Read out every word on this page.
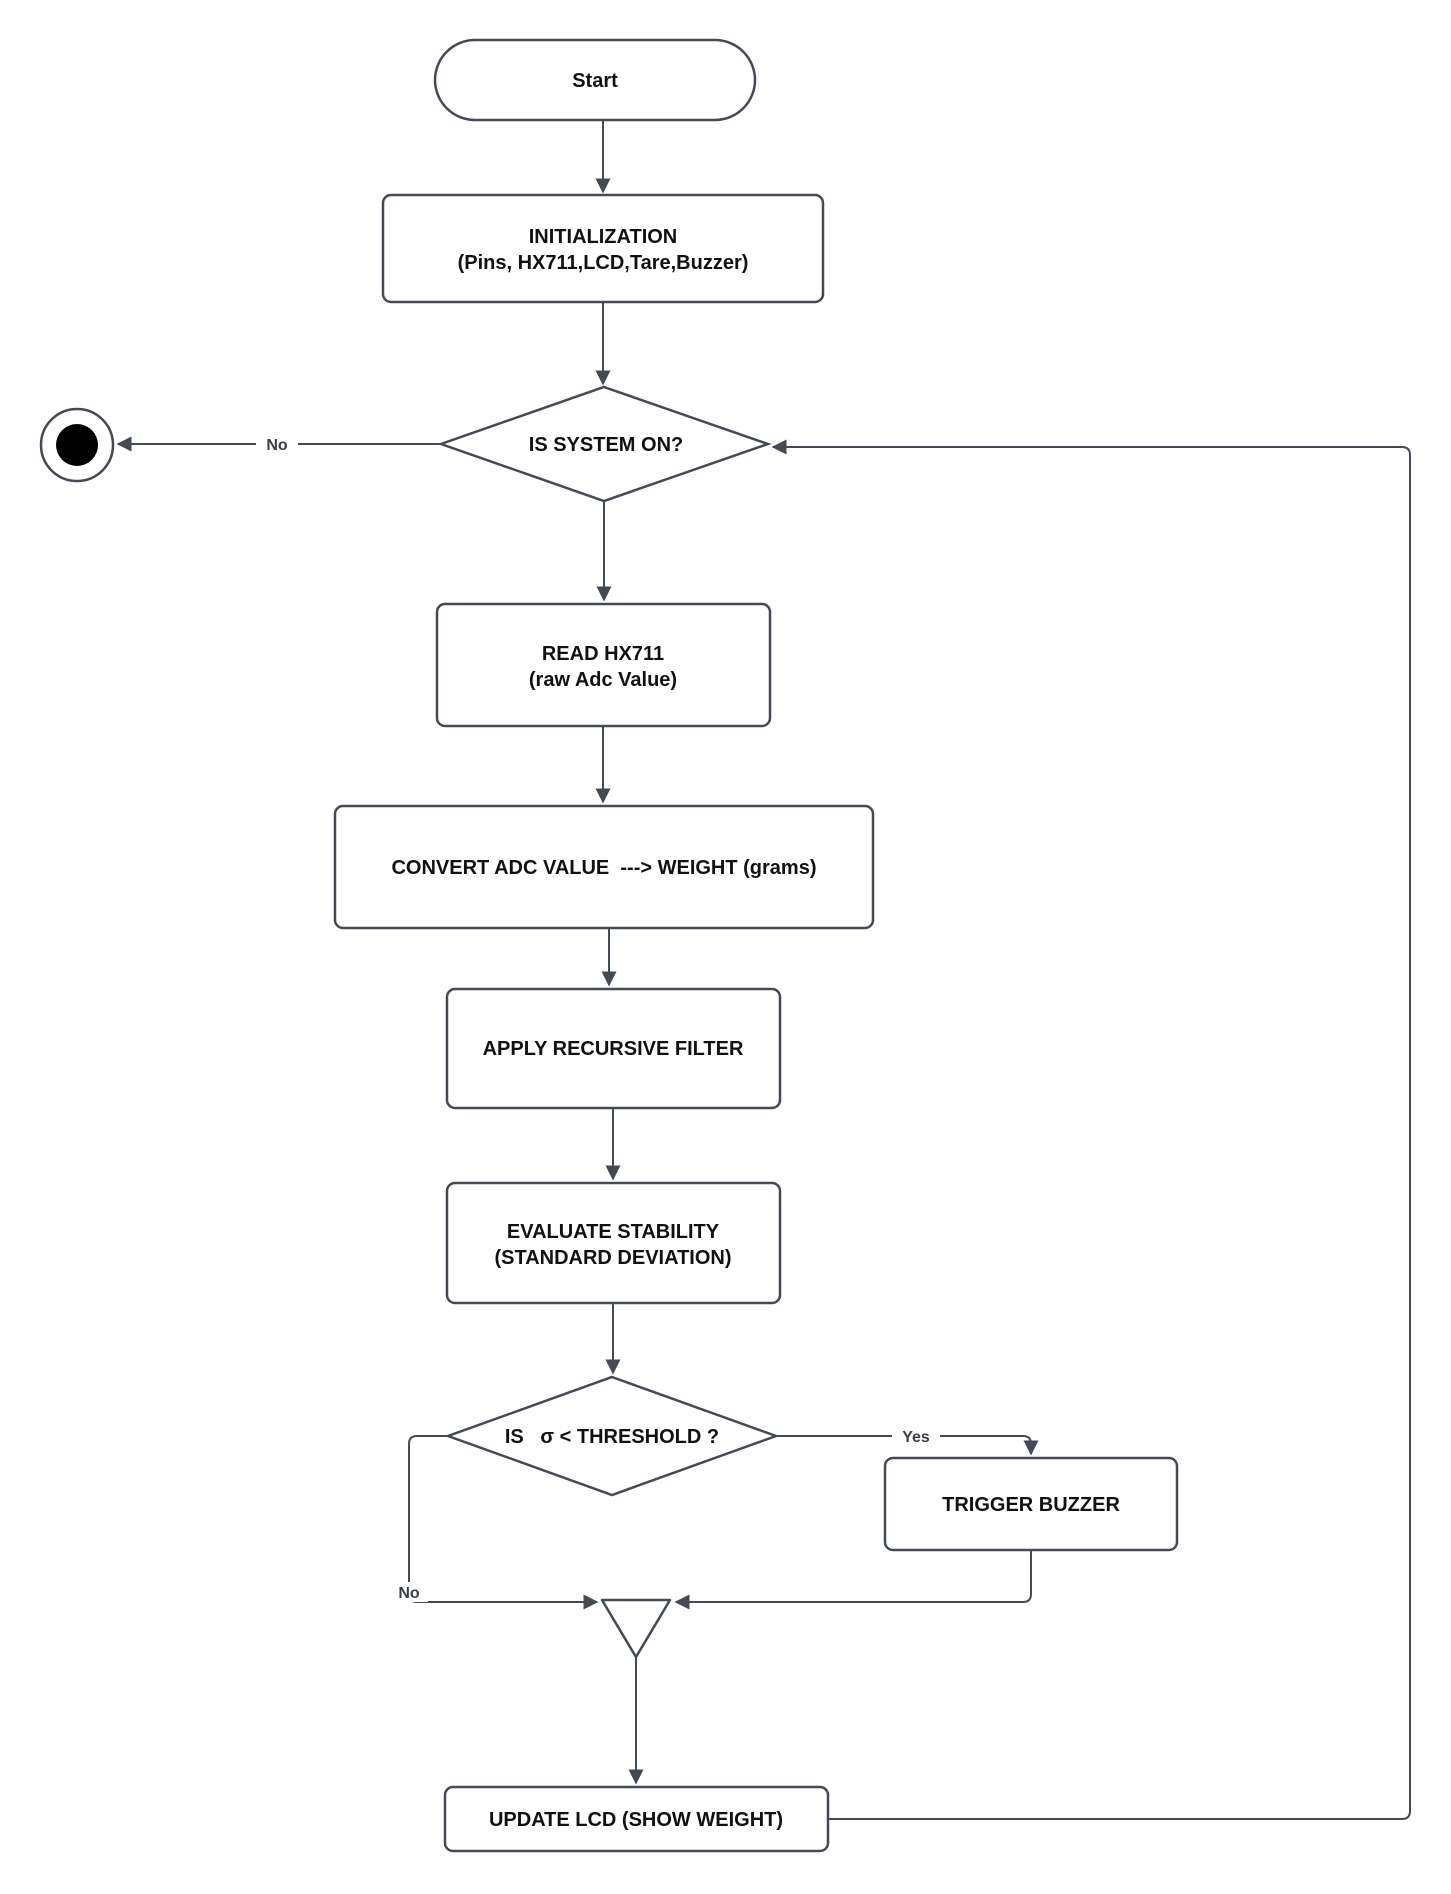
No
Yes
No
Start
INITIALIZATION
(Pins, HX711,LCD,Tare,Buzzer)
IS SYSTEM ON?
READ HX711
(raw Adc Value)
CONVERT ADC VALUE  ---> WEIGHT (grams)
APPLY RECURSIVE FILTER
EVALUATE STABILITY
(STANDARD DEVIATION)
IS   σ < THRESHOLD ?
TRIGGER BUZZER
UPDATE LCD (SHOW WEIGHT)
